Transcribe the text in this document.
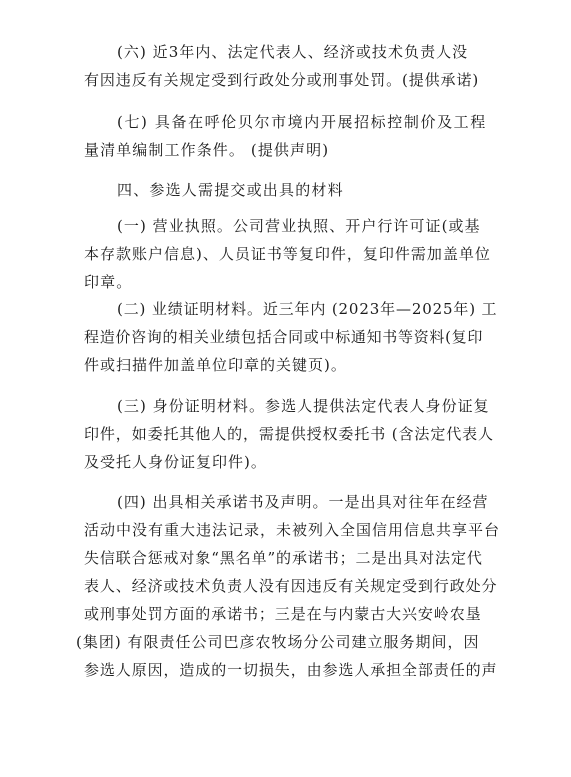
(六) 近3年内、法定代表人、经济或技术负责人没
有因违反有关规定受到行政处分或刑事处罚。(提供承诺)
(七) 具备在呼伦贝尔市境内开展招标控制价及工程
量清单编制工作条件。 (提供声明)
四、参选人需提交或出具的材料
(一) 营业执照。公司营业执照、开户行许可证(或基
本存款账户信息)、人员证书等复印件，复印件需加盖单位
印章。
(二) 业绩证明材料。近三年内 (2023年—2025年) 工
程造价咨询的相关业绩包括合同或中标通知书等资料(复印
件或扫描件加盖单位印章的关键页)。
(三) 身份证明材料。参选人提供法定代表人身份证复
印件，如委托其他人的，需提供授权委托书 (含法定代表人
及受托人身份证复印件)。
(四) 出具相关承诺书及声明。一是出具对往年在经营
活动中没有重大违法记录，未被列入全国信用信息共享平台
失信联合惩戒对象“黑名单”的承诺书；二是出具对法定代
表人、经济或技术负责人没有因违反有关规定受到行政处分
或刑事处罚方面的承诺书；三是在与内蒙古大兴安岭农垦
(集团) 有限责任公司巴彦农牧场分公司建立服务期间，因
参选人原因，造成的一切损失，由参选人承担全部责任的声
